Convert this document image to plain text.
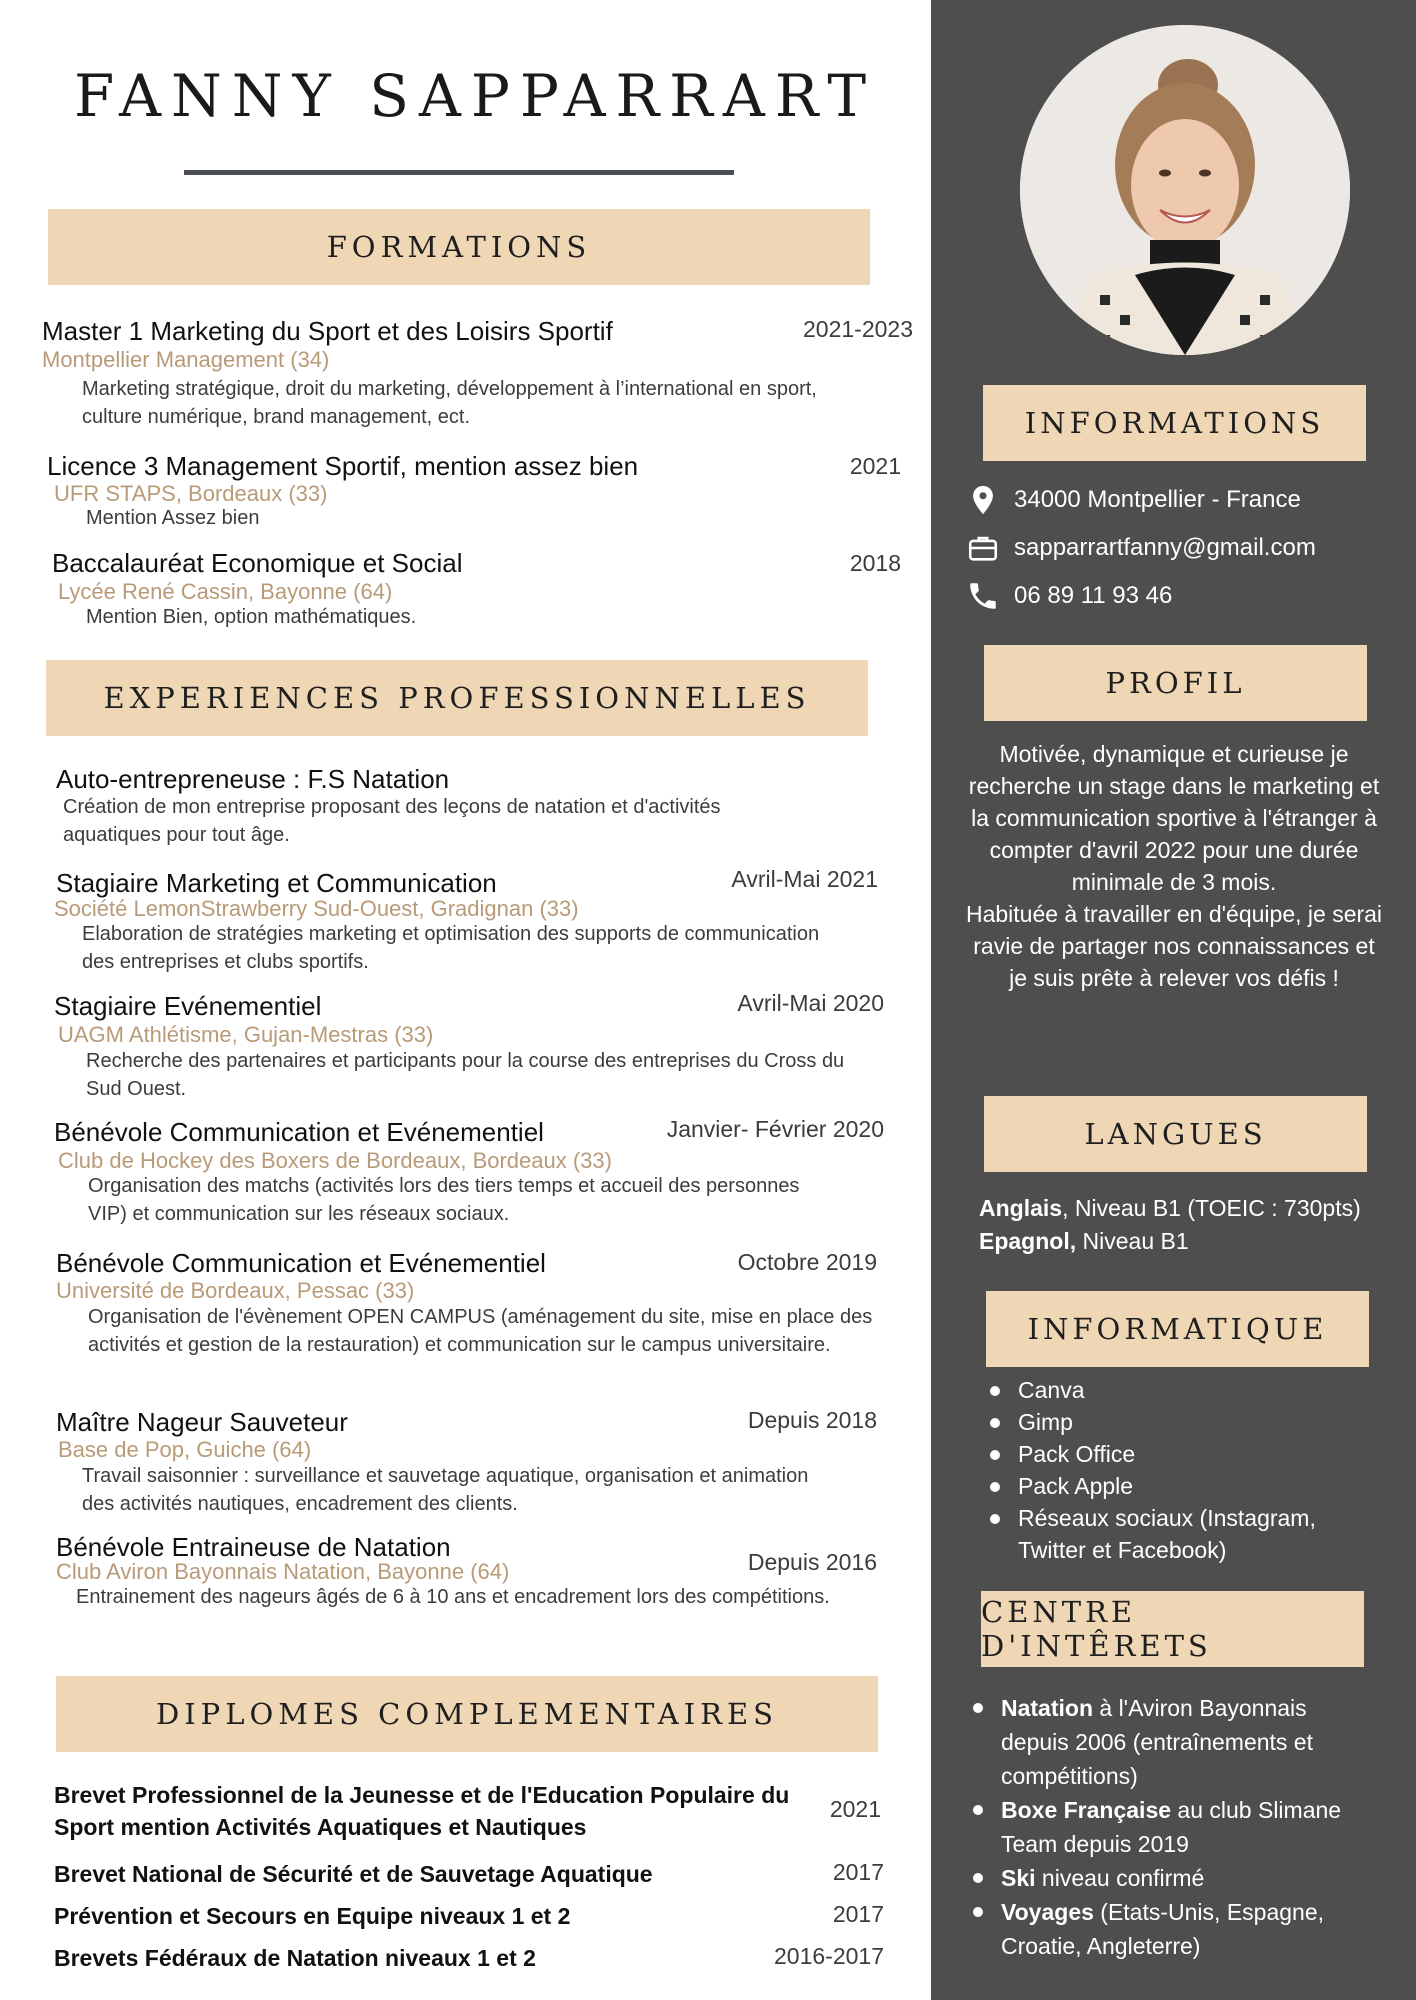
FANNY SAPPARRART
FORMATIONS
Master 1 Marketing du Sport et des Loisirs Sportif	2021-2023
Montpellier Management (34)
Marketing stratégique, droit du marketing, développement à l’international en sport, culture numérique, brand management, ect.
Licence 3 Management Sportif, mention assez bien	2021
UFR STAPS, Bordeaux (33)
Mention Assez bien
Baccalauréat Economique et Social	2018
Lycée René Cassin, Bayonne (64)
Mention Bien, option mathématiques.
EXPERIENCES PROFESSIONNELLES
Auto-entrepreneuse : F.S Natation
Création de mon entreprise proposant des leçons de natation et d'activités aquatiques pour tout âge.
Stagiaire Marketing et Communication	Avril-Mai 2021
Société LemonStrawberry Sud-Ouest, Gradignan (33)
Elaboration de stratégies marketing et optimisation des supports de communication des entreprises et clubs sportifs.
Stagiaire Evénementiel	Avril-Mai 2020
UAGM Athlétisme, Gujan-Mestras (33)
Recherche des partenaires et participants pour la course des entreprises du Cross du Sud Ouest.
Bénévole Communication et Evénementiel	Janvier- Février 2020
Club de Hockey des Boxers de Bordeaux, Bordeaux (33)
Organisation des matchs (activités lors des tiers temps et accueil des personnes VIP) et communication sur les réseaux sociaux.
Bénévole Communication et Evénementiel	Octobre 2019
Université de Bordeaux, Pessac (33)
Organisation de l'évènement OPEN CAMPUS (aménagement du site, mise en place des activités et gestion de la restauration) et communication sur le campus universitaire.
Maître Nageur Sauveteur	Depuis 2018
Base de Pop, Guiche (64)
Travail saisonnier : surveillance et sauvetage aquatique, organisation et animation des activités nautiques, encadrement des clients.
Bénévole Entraineuse de Natation	Depuis 2016
Club Aviron Bayonnais Natation, Bayonne (64)
Entrainement des nageurs âgés de 6 à 10 ans et encadrement lors des compétitions.
DIPLOMES COMPLEMENTAIRES
Brevet Professionnel de la Jeunesse et de l'Education Populaire du Sport mention Activités Aquatiques et Nautiques
2021
Brevet National de Sécurité et de Sauvetage Aquatique	2017
Prévention et Secours en Equipe niveaux 1 et 2	2017
Brevets Fédéraux de Natation niveaux 1 et 2	2016-2017
INFORMATIONS
34000 Montpellier - France
sapparrartfanny@gmail.com
06 89 11 93 46
PROFIL
Motivée, dynamique et curieuse je recherche un stage dans le marketing et la communication sportive à l'étranger à compter d'avril 2022 pour une durée minimale de 3 mois.
Habituée à travailler en d'équipe, je serai ravie de partager nos connaissances et je suis prête à relever vos défis !
LANGUES
Anglais, Niveau B1 (TOEIC : 730pts)
Epagnol, Niveau B1
INFORMATIQUE
Canva
Gimp
Pack Office
Pack Apple
Réseaux sociaux (Instagram, Twitter et Facebook)
CENTRE D'INTÊRETS
Natation à l'Aviron Bayonnais depuis 2006 (entraînements et compétitions)
Boxe Française au club Slimane Team depuis 2019
Ski niveau confirmé
Voyages (Etats-Unis, Espagne, Croatie, Angleterre)
